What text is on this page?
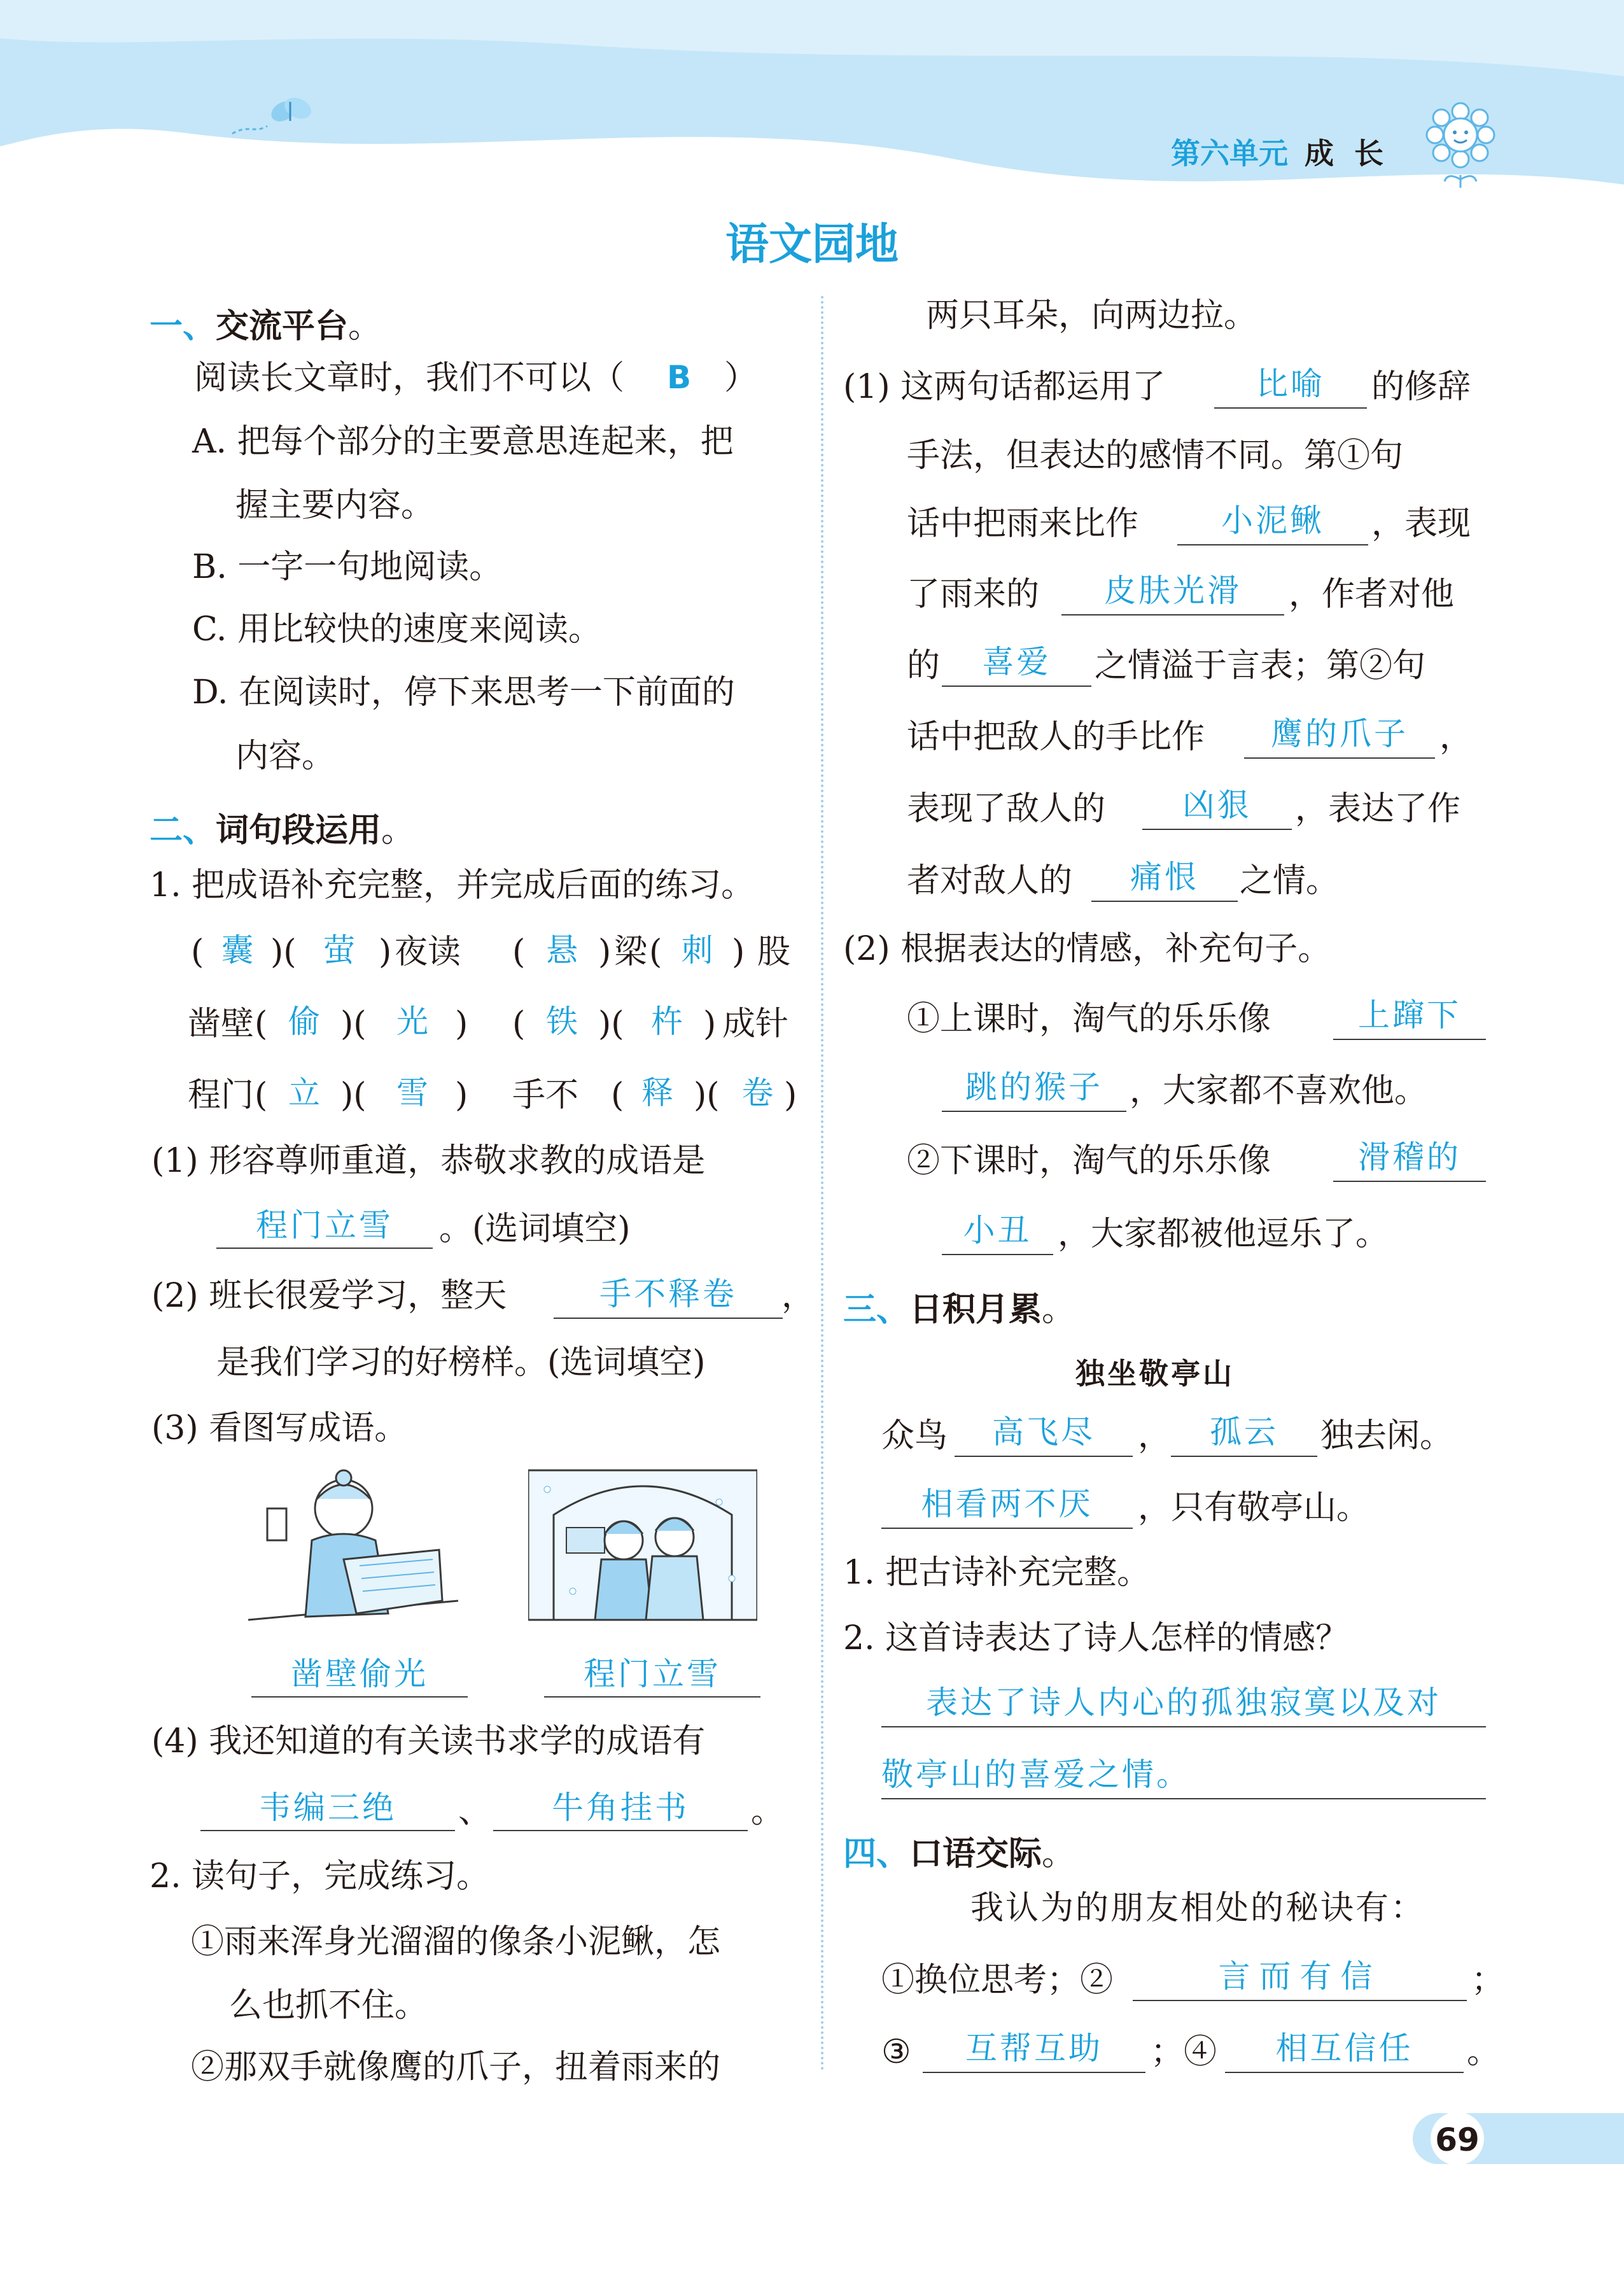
第六单元 成  长
语文园地
一、交流平台。
阅读长文章时，我们不可以（ B ）
A. 把每个部分的主要意思连起来，把
握主要内容。
B. 一字一句地阅读。
C. 用比较快的速度来阅读。
D. 在阅读时，停下来思考一下前面的
内容。
二、词句段运用。
1. 把成语补充完整，并完成后面的练习。
( 囊 )( 萤 ) 夜读 ( 悬 ) 梁 ( 刺 ) 股
凿壁 ( 偷 )( 光 ) ( 铁 )( 杵 ) 成针
程门 ( 立 )( 雪 ) 手不 ( 释 )( 卷 )
(1) 形容尊师重道，恭敬求教的成语是
程门立雪	。(选词填空)
(2) 班长很爱学习，整天	手不释卷	，
是我们学习的好榜样。(选词填空)
(3) 看图写成语。
凿壁偷光	程门立雪
(4) 我还知道的有关读书求学的成语有
韦编三绝	、	牛角挂书	。
2. 读句子，完成练习。
①雨来浑身光溜溜的像条小泥鳅，怎
么也抓不住。
②那双手就像鹰的爪子，扭着雨来的
两只耳朵，向两边拉。
(1) 这两句话都运用了	比喻	的修辞
手法，但表达的感情不同。第①句
话中把雨来比作	小泥鳅	，表现
了雨来的	皮肤光滑	，作者对他
的	喜爱	之情溢于言表；第②句
话中把敌人的手比作	鹰的爪子 ，
表现了敌人的	凶狠	，表达了作
者对敌人的	痛恨	之情。
(2) 根据表达的情感，补充句子。
①上课时，淘气的乐乐像	上蹿下
跳的猴子 ，大家都不喜欢他。
②下课时，淘气的乐乐像	滑稽的
小丑 ，大家都被他逗乐了。
三、日积月累。
独坐敬亭山
众鸟	高飞尽	，	孤云	独去闲。
相看两不厌	，只有敬亭山。
1. 把古诗补充完整。
2. 这首诗表达了诗人怎样的情感？
表达了诗人内心的孤独寂寞以及对
敬亭山的喜爱之情。
四、口语交际。
我认为的朋友相处的秘诀有：
①换位思考；②	言而有信	；
③	互帮互助	；④	相互信任	。
69
